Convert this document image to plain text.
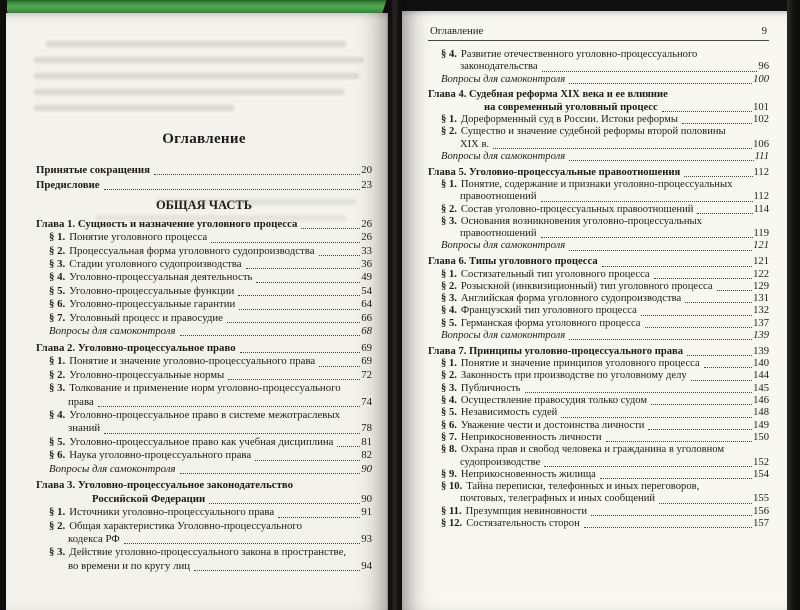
Оглавление
Принятые сокращения	20
Предисловие	23
ОБЩАЯ ЧАСТЬ
Глава 1. Сущность и назначение уголовного процесса	26
§ 1. Понятие уголовного процесса	26
§ 2. Процессуальная форма уголовного судопроизводства	33
§ 3. Стадии уголовного судопроизводства	36
§ 4. Уголовно-процессуальная деятельность	49
§ 5. Уголовно-процессуальные функции	54
§ 6. Уголовно-процессуальные гарантии	64
§ 7. Уголовный процесс и правосудие	66
Вопросы для самоконтроля	68
Глава 2. Уголовно-процессуальное право	69
§ 1. Понятие и значение уголовно-процессуального права	69
§ 2. Уголовно-процессуальные нормы	72
§ 3. Толкование и применение норм уголовно-процессуального
права	74
§ 4. Уголовно-процессуальное право в системе межотраслевых
знаний	78
§ 5. Уголовно-процессуальное право как учебная дисциплина	81
§ 6. Наука уголовно-процессуального права	82
Вопросы для самоконтроля	90
Глава 3. Уголовно-процессуальное законодательство
Российской Федерации	90
§ 1. Источники уголовно-процессуального права	91
§ 2. Общая характеристика Уголовно-процессуального
кодекса РФ	93
§ 3. Действие уголовно-процессуального закона в пространстве,
во времени и по кругу лиц	94
Оглавление	9
§ 4. Развитие отечественного уголовно-процессуального
законодательства	96
Вопросы для самоконтроля	100
Глава 4. Судебная реформа XIX века и ее влияние
на современный уголовный процесс	101
§ 1. Дореформенный суд в России. Истоки реформы	102
§ 2. Существо и значение судебной реформы второй половины
XIX в.	106
Вопросы для самоконтроля	111
Глава 5. Уголовно-процессуальные правоотношения	112
§ 1. Понятие, содержание и признаки уголовно-процессуальных
правоотношений	112
§ 2. Состав уголовно-процессуальных правоотношений	114
§ 3. Основания возникновения уголовно-процессуальных
правоотношений	119
Вопросы для самоконтроля	121
Глава 6. Типы уголовного процесса	121
§ 1. Состязательный тип уголовного процесса	122
§ 2. Розыскной (инквизиционный) тип уголовного процесса	129
§ 3. Английская форма уголовного судопроизводства	131
§ 4. Французский тип уголовного процесса	132
§ 5. Германская форма уголовного процесса	137
Вопросы для самоконтроля	139
Глава 7. Принципы уголовно-процессуального права	139
§ 1. Понятие и значение принципов уголовного процесса	140
§ 2. Законность при производстве по уголовному делу	144
§ 3. Публичность	145
§ 4. Осуществление правосудия только судом	146
§ 5. Независимость судей	148
§ 6. Уважение чести и достоинства личности	149
§ 7. Неприкосновенность личности	150
§ 8. Охрана прав и свобод человека и гражданина в уголовном
судопроизводстве	152
§ 9. Неприкосновенность жилища	154
§ 10. Тайна переписки, телефонных и иных переговоров,
почтовых, телеграфных и иных сообщений	155
§ 11. Презумпция невиновности	156
§ 12. Состязательность сторон	157
